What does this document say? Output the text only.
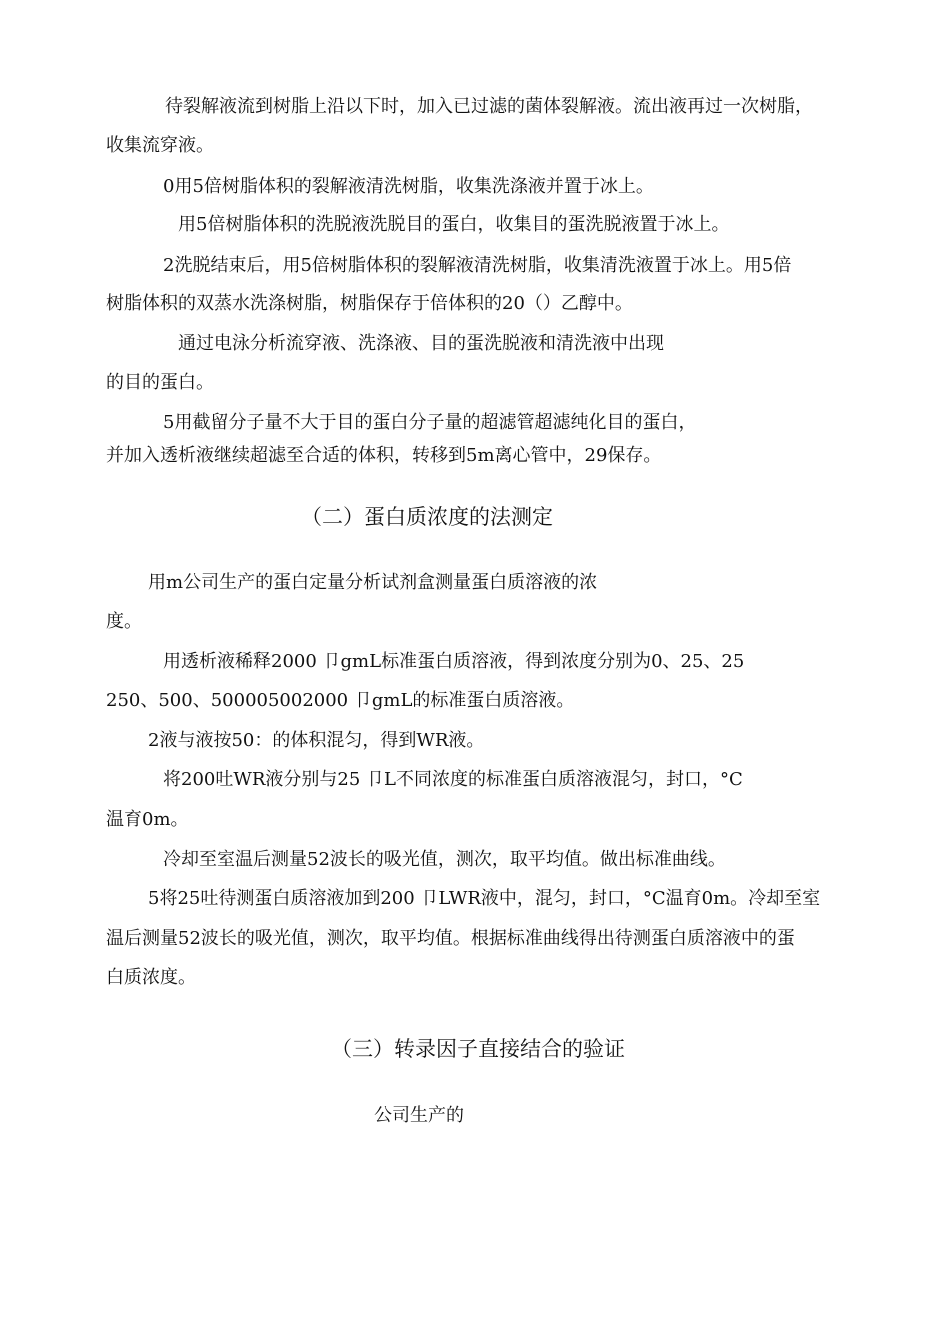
待裂解液流到树脂上沿以下时，加入已过滤的菌体裂解液。流出液再过一次树脂，
收集流穿液。
0用5倍树脂体积的裂解液清洗树脂，收集洗涤液并置于冰上。
用5倍树脂体积的洗脱液洗脱目的蛋白，收集目的蛋洗脱液置于冰上。
2洗脱结束后，用5倍树脂体积的裂解液清洗树脂，收集清洗液置于冰上。用5倍
树脂体积的双蒸水洗涤树脂，树脂保存于倍体积的20（）乙醇中。
通过电泳分析流穿液、洗涤液、目的蛋洗脱液和清洗液中出现
的目的蛋白。
5用截留分子量不大于目的蛋白分子量的超滤管超滤纯化目的蛋白，
并加入透析液继续超滤至合适的体积，转移到5m离心管中，29保存。
（二）蛋白质浓度的法测定
用m公司生产的蛋白定量分析试剂盒测量蛋白质溶液的浓
度。
用透析液稀释2000 卩gmL标准蛋白质溶液，得到浓度分别为0、25、25
250、500、500005002000 卩gmL的标准蛋白质溶液。
2液与液按50：的体积混匀，得到WR液。
将200吐WR液分别与25 卩L不同浓度的标准蛋白质溶液混匀，封口，°C
温育0m。
冷却至室温后测量52波长的吸光值，测次，取平均值。做出标准曲线。
5将25吐待测蛋白质溶液加到200 卩LWR液中，混匀，封口，°C温育0m。冷却至室
温后测量52波长的吸光值，测次，取平均值。根据标准曲线得出待测蛋白质溶液中的蛋
白质浓度。
（三）转录因子直接结合的验证
公司生产的
